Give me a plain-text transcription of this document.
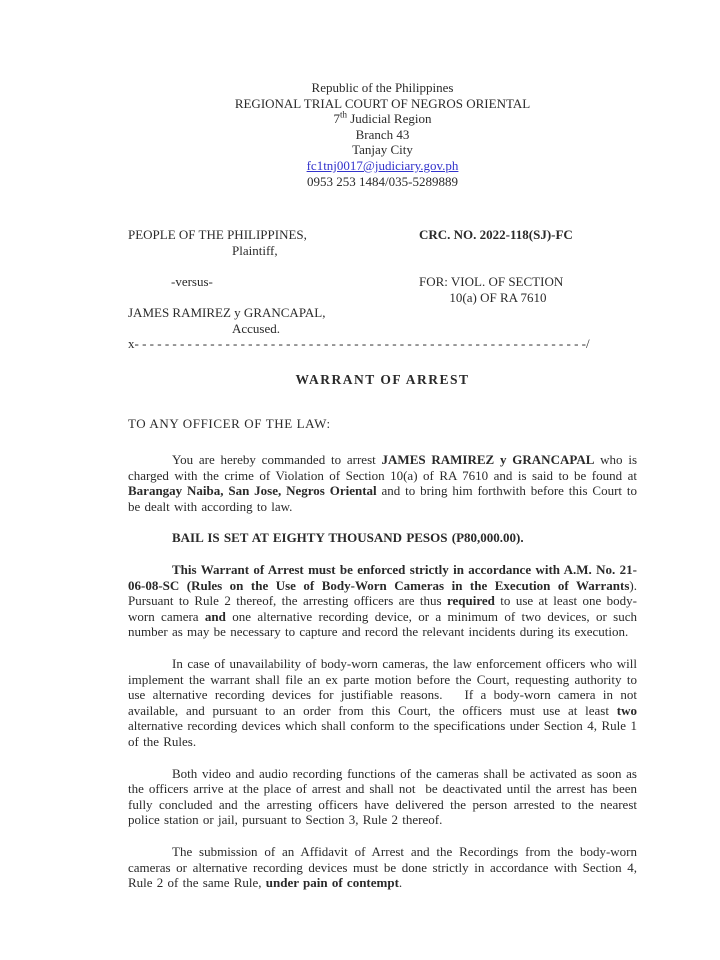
Republic of the Philippines
REGIONAL TRIAL COURT OF NEGROS ORIENTAL
7th Judicial Region
Branch 43
Tanjay City
fc1tnj0017@judiciary.gov.ph
0953 253 1484/035-5289889
PEOPLE OF THE PHILIPPINES,	CRC. NO. 2022-118(SJ)-FC
Plaintiff,
-versus-	FOR: VIOL. OF SECTION
10(a) OF RA 7610
JAMES RAMIREZ y GRANCAPAL,
Accused.
x- - - - - - - - - - - - - - - - - - - - - - - - - - - - - - - - - - - - - - - - - - - - - - - - - - - - - - - - - - - -/
WARRANT OF ARREST
TO ANY OFFICER OF THE LAW:

You are hereby commanded to arrest JAMES RAMIREZ y GRANCAPAL who is charged with the crime of Violation of Section 10(a) of RA 7610 and is said to be found at Barangay Naiba, San Jose, Negros Oriental and to bring him forthwith before this Court to be dealt with according to law.

BAIL IS SET AT EIGHTY THOUSAND PESOS (P80,000.00).

This Warrant of Arrest must be enforced strictly in accordance with A.M. No. 21-06-08-SC (Rules on the Use of Body-Worn Cameras in the Execution of Warrants). Pursuant to Rule 2 thereof, the arresting officers are thus required to use at least one body-worn camera and one alternative recording device, or a minimum of two devices, or such number as may be necessary to capture and record the relevant incidents during its execution.

In case of unavailability of body-worn cameras, the law enforcement officers who will implement the warrant shall file an ex parte motion before the Court, requesting authority to use alternative recording devices for justifiable reasons.   If a body-worn camera in not available, and pursuant to an order from this Court, the officers must use at least two alternative recording devices which shall conform to the specifications under Section 4, Rule 1 of the Rules.

Both video and audio recording functions of the cameras shall be activated as soon as the officers arrive at the place of arrest and shall not  be deactivated until the arrest has been fully concluded and the arresting officers have delivered the person arrested to the nearest police station or jail, pursuant to Section 3, Rule 2 thereof.

The submission of an Affidavit of Arrest and the Recordings from the body-worn cameras or alternative recording devices must be done strictly in accordance with Section 4, Rule 2 of the same Rule, under pain of contempt.
